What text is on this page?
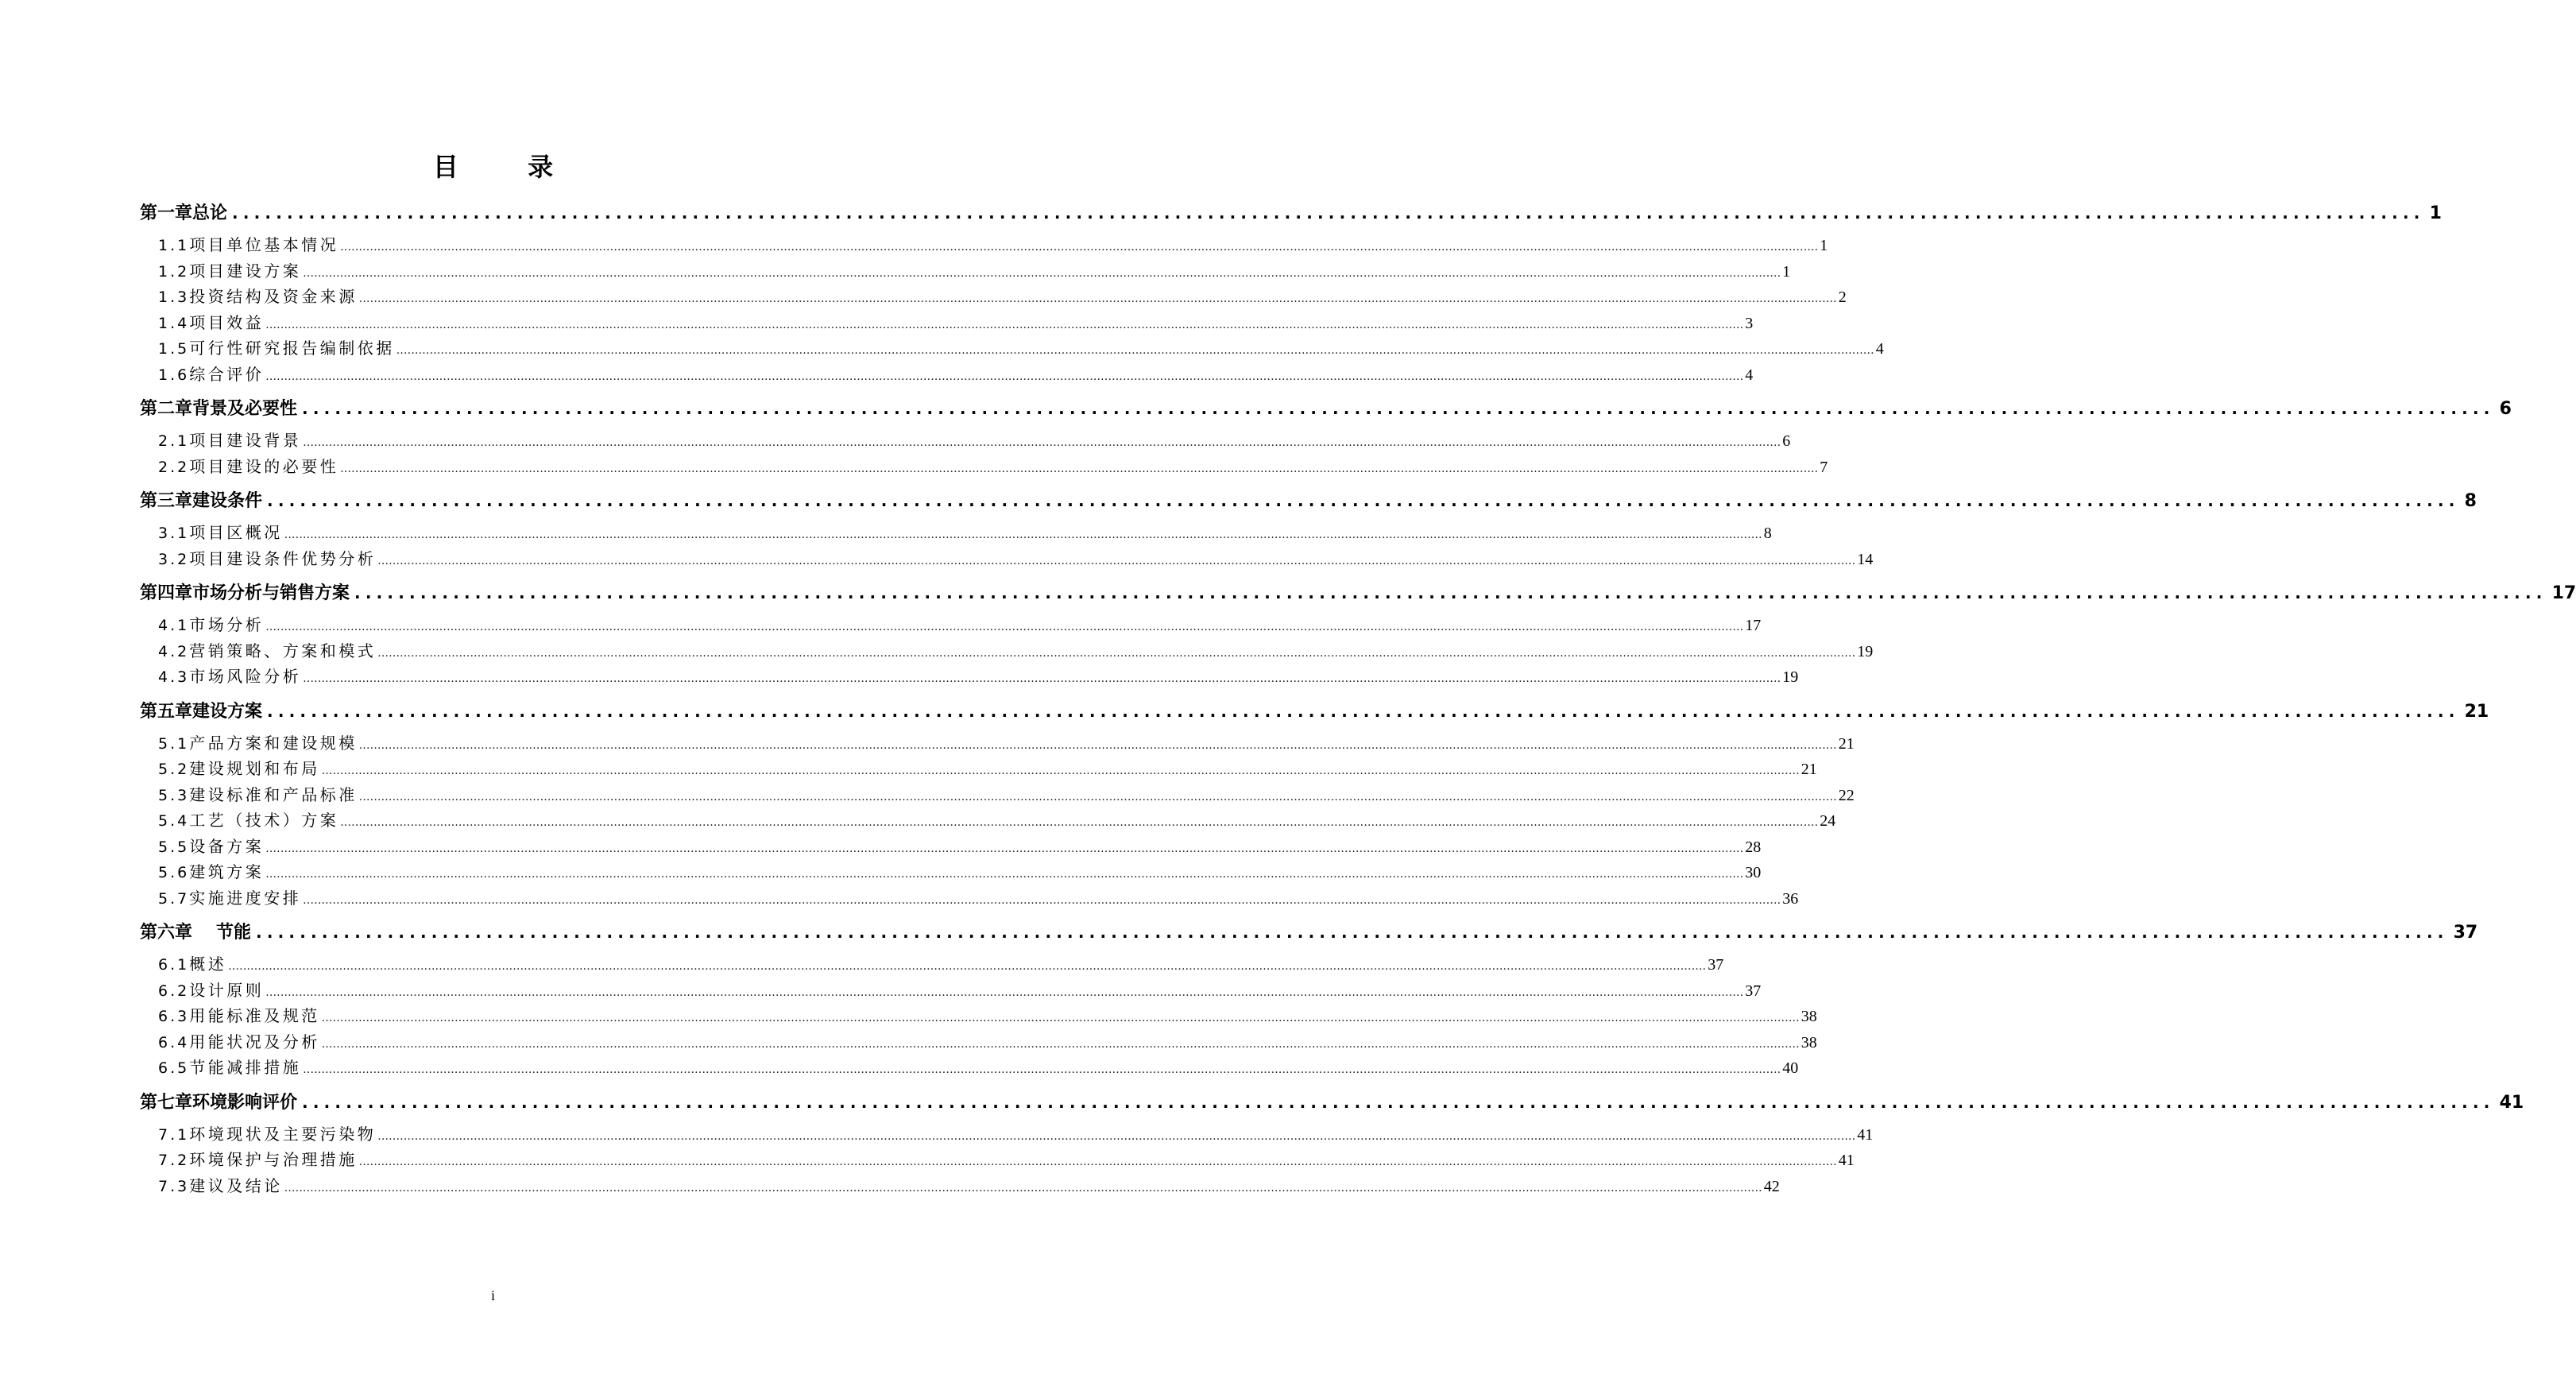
目 录
第一章 总论 ........................................................................................................................................................................................................ 1
1.1 项目单位基本情况 ................................................................................................................................................................................................................................................................................................................................................................................................................ 1
1.2 项目建设方案 ................................................................................................................................................................................................................................................................................................................................................................................................................ 1
1.3 投资结构及资金来源 ................................................................................................................................................................................................................................................................................................................................................................................................................ 2
1.4 项目效益 ................................................................................................................................................................................................................................................................................................................................................................................................................ 3
1.5 可行性研究报告编制依据 ................................................................................................................................................................................................................................................................................................................................................................................................................ 4
1.6 综合评价 ................................................................................................................................................................................................................................................................................................................................................................................................................ 4
第二章 背景及必要性 ........................................................................................................................................................................................................ 6
2.1 项目建设背景 ................................................................................................................................................................................................................................................................................................................................................................................................................ 6
2.2 项目建设的必要性 ................................................................................................................................................................................................................................................................................................................................................................................................................ 7
第三章 建设条件 ........................................................................................................................................................................................................ 8
3.1 项目区概况 ................................................................................................................................................................................................................................................................................................................................................................................................................ 8
3.2 项目建设条件优势分析 ................................................................................................................................................................................................................................................................................................................................................................................................................ 14
第四章 市场分析与销售方案 ........................................................................................................................................................................................................ 17
4.1 市场分析 ................................................................................................................................................................................................................................................................................................................................................................................................................ 17
4.2 营销策略、方案和模式 ................................................................................................................................................................................................................................................................................................................................................................................................................ 19
4.3 市场风险分析 ................................................................................................................................................................................................................................................................................................................................................................................................................ 19
第五章 建设方案 ........................................................................................................................................................................................................ 21
5.1 产品方案和建设规模 ................................................................................................................................................................................................................................................................................................................................................................................................................ 21
5.2 建设规划和布局 ................................................................................................................................................................................................................................................................................................................................................................................................................ 21
5.3 建设标准和产品标准 ................................................................................................................................................................................................................................................................................................................................................................................................................ 22
5.4 工艺（技术）方案 ................................................................................................................................................................................................................................................................................................................................................................................................................ 24
5.5 设备方案 ................................................................................................................................................................................................................................................................................................................................................................................................................ 28
5.6 建筑方案 ................................................................................................................................................................................................................................................................................................................................................................................................................ 30
5.7 实施进度安排 ................................................................................................................................................................................................................................................................................................................................................................................................................ 36
第六章	节能 ........................................................................................................................................................................................................ 37
6.1 概述 ................................................................................................................................................................................................................................................................................................................................................................................................................ 37
6.2 设计原则 ................................................................................................................................................................................................................................................................................................................................................................................................................ 37
6.3 用能标准及规范 ................................................................................................................................................................................................................................................................................................................................................................................................................ 38
6.4 用能状况及分析 ................................................................................................................................................................................................................................................................................................................................................................................................................ 38
6.5 节能减排措施 ................................................................................................................................................................................................................................................................................................................................................................................................................ 40
第七章 环境影响评价 ........................................................................................................................................................................................................ 41
7.1 环境现状及主要污染物 ................................................................................................................................................................................................................................................................................................................................................................................................................ 41
7.2 环境保护与治理措施 ................................................................................................................................................................................................................................................................................................................................................................................................................ 41
7.3 建议及结论 ................................................................................................................................................................................................................................................................................................................................................................................................................ 42
i
